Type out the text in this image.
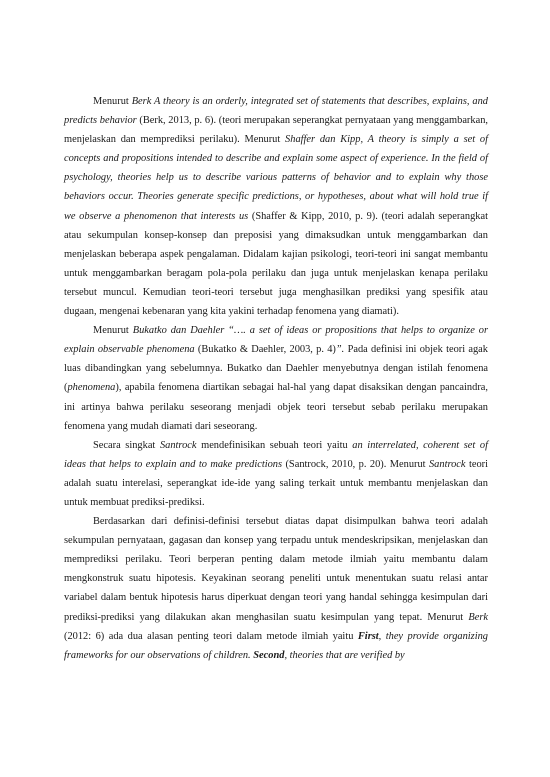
Menurut Berk A theory is an orderly, integrated set of statements that describes, explains, and predicts behavior (Berk, 2013, p. 6). (teori merupakan seperangkat pernyataan yang menggambarkan, menjelaskan dan memprediksi perilaku). Menurut Shaffer dan Kipp, A theory is simply a set of concepts and propositions intended to describe and explain some aspect of experience. In the field of psychology, theories help us to describe various patterns of behavior and to explain why those behaviors occur. Theories generate specific predictions, or hypotheses, about what will hold true if we observe a phenomenon that interests us (Shaffer & Kipp, 2010, p. 9). (teori adalah seperangkat atau sekumpulan konsep-konsep dan preposisi yang dimaksudkan untuk menggambarkan dan menjelaskan beberapa aspek pengalaman. Didalam kajian psikologi, teori-teori ini sangat membantu untuk menggambarkan beragam pola-pola perilaku dan juga untuk menjelaskan kenapa perilaku tersebut muncul. Kemudian teori-teori tersebut juga menghasilkan prediksi yang spesifik atau dugaan, mengenai kebenaran yang kita yakini terhadap fenomena yang diamati).

Menurut Bukatko dan Daehler “…. a set of ideas or propositions that helps to organize or explain observable phenomena (Bukatko & Daehler, 2003, p. 4)”. Pada definisi ini objek teori agak luas dibandingkan yang sebelumnya. Bukatko dan Daehler menyebutnya dengan istilah fenomena (phenomena), apabila fenomena diartikan sebagai hal-hal yang dapat disaksikan dengan pancaindra, ini artinya bahwa perilaku seseorang menjadi objek teori tersebut sebab perilaku merupakan fenomena yang mudah diamati dari seseorang.

Secara singkat Santrock mendefinisikan sebuah teori yaitu an interrelated, coherent set of ideas that helps to explain and to make predictions (Santrock, 2010, p. 20). Menurut Santrock teori adalah suatu interelasi, seperangkat ide-ide yang saling terkait untuk membantu menjelaskan dan untuk membuat prediksi-prediksi.

Berdasarkan dari definisi-definisi tersebut diatas dapat disimpulkan bahwa teori adalah sekumpulan pernyataan, gagasan dan konsep yang terpadu untuk mendeskripsikan, menjelaskan dan memprediksi perilaku. Teori berperan penting dalam metode ilmiah yaitu membantu dalam mengkonstruk suatu hipotesis. Keyakinan seorang peneliti untuk menentukan suatu relasi antar variabel dalam bentuk hipotesis harus diperkuat dengan teori yang handal sehingga kesimpulan dari prediksi-prediksi yang dilakukan akan menghasilan suatu kesimpulan yang tepat. Menurut Berk (2012: 6) ada dua alasan penting teori dalam metode ilmiah yaitu First, they provide organizing frameworks for our observations of children. Second, theories that are verified by
